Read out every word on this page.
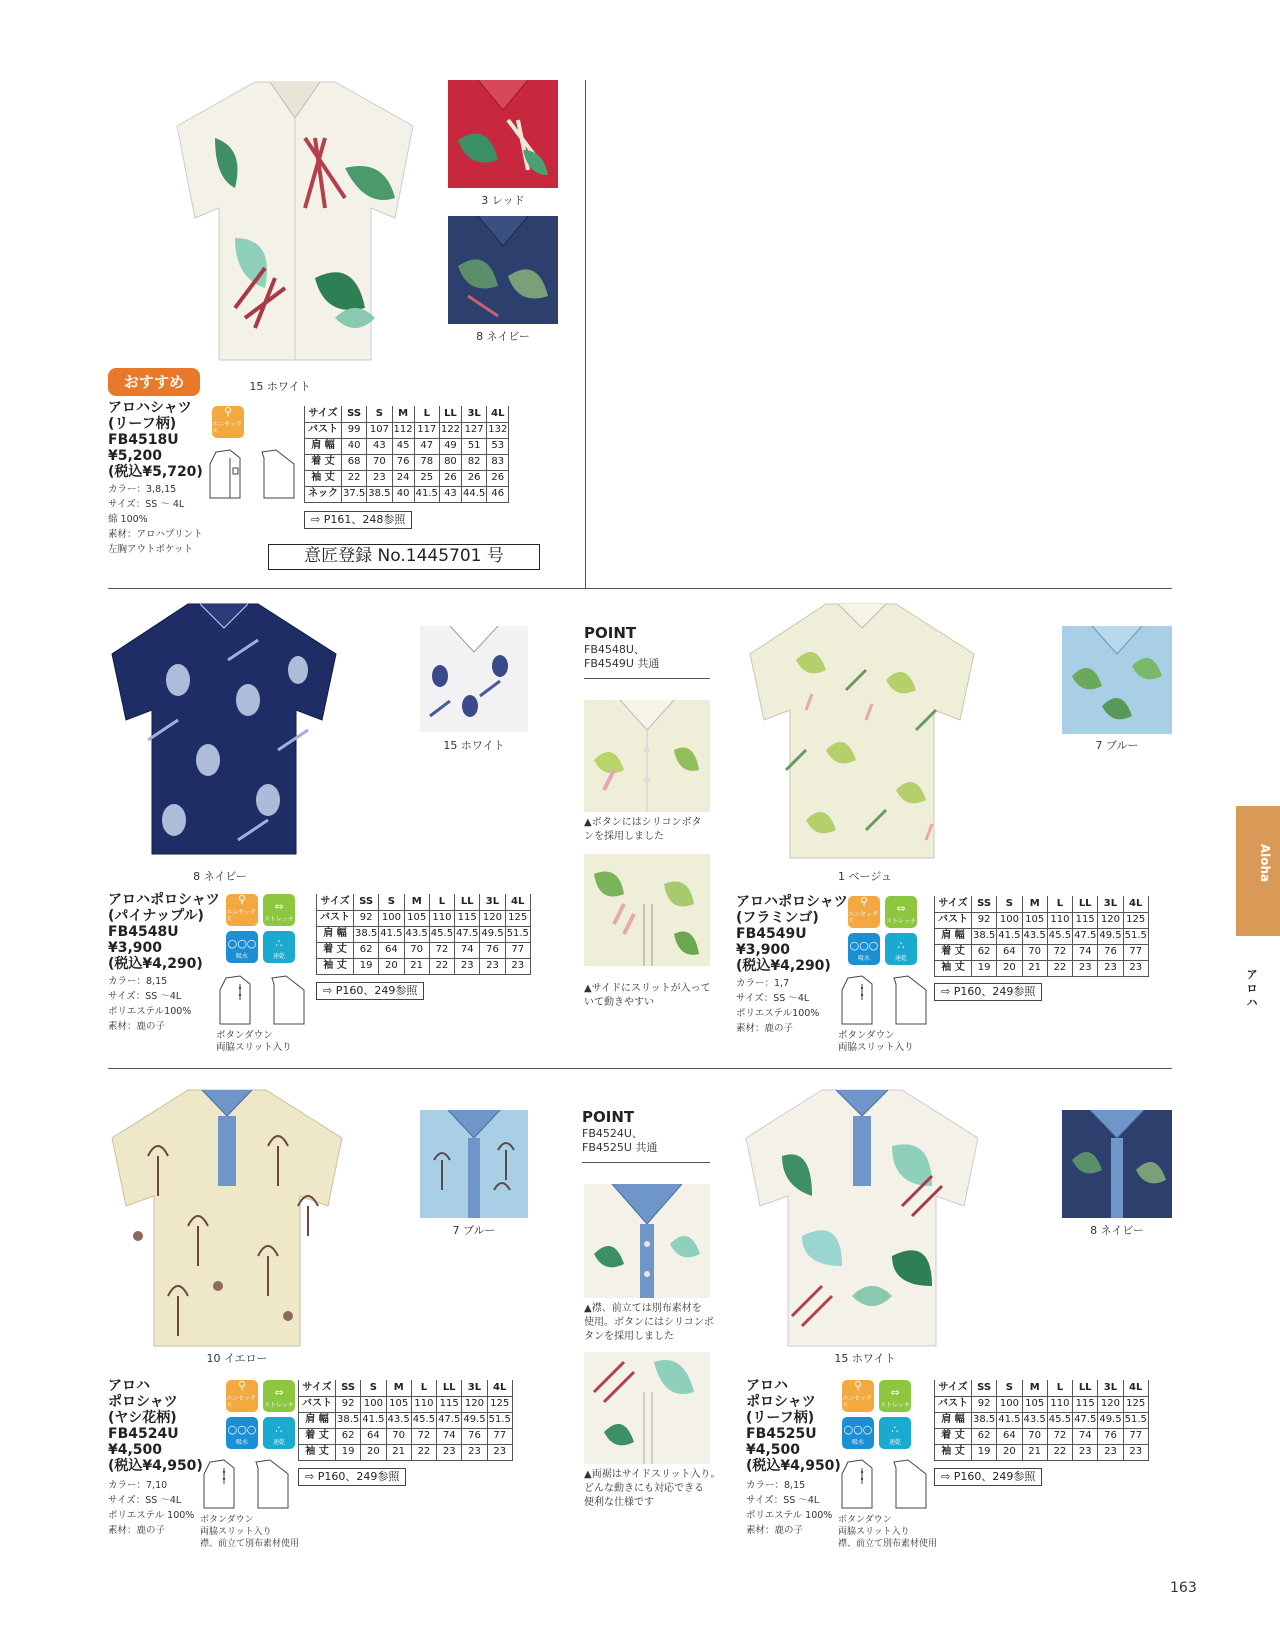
3 レッド
8 ネイビー
15 ホワイト
おすすめ
アロハシャツ
(リーフ柄)
FB4518U
¥5,200
(税込¥5,720)
カラー：3,8,15
サイズ：SS ～ 4L
綿 100%
素材：アロハプリント
左胸アウトポケット
⚲
ユニセックス
サイズ	SS	S	M	L	LL	3L	4L
バスト	99	107	112	117	122	127	132
肩 幅	40	43	45	47	49	51	53
着 丈	68	70	76	78	80	82	83
袖 丈	22	23	24	25	26	26	26
ネック	37.5	38.5	40	41.5	43	44.5	46
⇨ P161、248参照
意匠登録 No.1445701 号
8 ネイビー
15 ホワイト
アロハポロシャツ
(パイナップル)
FB4548U
¥3,900
(税込¥4,290)
カラー：8,15
サイズ：SS ～4L
ポリエステル100%
素材：鹿の子
⚲
ユニセックス
⇔
ストレッチ
○○○
吸水
∴
速乾
ボタンダウン
両脇スリット入り
サイズ	SS	S	M	L	LL	3L	4L
バスト	92	100	105	110	115	120	125
肩 幅	38.5	41.5	43.5	45.5	47.5	49.5	51.5
着 丈	62	64	70	72	74	76	77
袖 丈	19	20	21	22	23	23	23
⇨ P160、249参照
POINT
FB4548U、
FB4549U 共通
▲ボタンにはシリコンボタ
ンを採用しました
▲サイドにスリットが入って
いて動きやすい
1 ベージュ
7 ブルー
アロハポロシャツ
(フラミンゴ)
FB4549U
¥3,900
(税込¥4,290)
カラー：1,7
サイズ：SS ～4L
ポリエステル100%
素材：鹿の子
⚲
ユニセックス
⇔
ストレッチ
○○○
吸水
∴
速乾
ボタンダウン
両脇スリット入り
サイズ	SS	S	M	L	LL	3L	4L
バスト	92	100	105	110	115	120	125
肩 幅	38.5	41.5	43.5	45.5	47.5	49.5	51.5
着 丈	62	64	70	72	74	76	77
袖 丈	19	20	21	22	23	23	23
⇨ P160、249参照
10 イエロー
7 ブルー
アロハ
ポロシャツ
(ヤシ花柄)
FB4524U
¥4,500
(税込¥4,950)
カラー：7,10
サイズ：SS ～4L
ポリエステル 100%
素材：鹿の子
⚲
ユニセックス
⇔
ストレッチ
○○○
吸水
∴
速乾
ボタンダウン
両脇スリット入り
襟、前立て別布素材使用
サイズ	SS	S	M	L	LL	3L	4L
バスト	92	100	105	110	115	120	125
肩 幅	38.5	41.5	43.5	45.5	47.5	49.5	51.5
着 丈	62	64	70	72	74	76	77
袖 丈	19	20	21	22	23	23	23
⇨ P160、249参照
POINT
FB4524U、
FB4525U 共通
▲襟、前立ては別布素材を
使用。ボタンにはシリコンボ
タンを採用しました
▲両裾はサイドスリット入り。
どんな動きにも対応できる
便利な仕様です
15 ホワイト
8 ネイビー
アロハ
ポロシャツ
(リーフ柄)
FB4525U
¥4,500
(税込¥4,950)
カラー：8,15
サイズ：SS ～4L
ポリエステル 100%
素材：鹿の子
⚲
ユニセックス
⇔
ストレッチ
○○○
吸水
∴
速乾
ボタンダウン
両脇スリット入り
襟、前立て別布素材使用
サイズ	SS	S	M	L	LL	3L	4L
バスト	92	100	105	110	115	120	125
肩 幅	38.5	41.5	43.5	45.5	47.5	49.5	51.5
着 丈	62	64	70	72	74	76	77
袖 丈	19	20	21	22	23	23	23
⇨ P160、249参照
Aloha
ア
ロ
ハ
163
